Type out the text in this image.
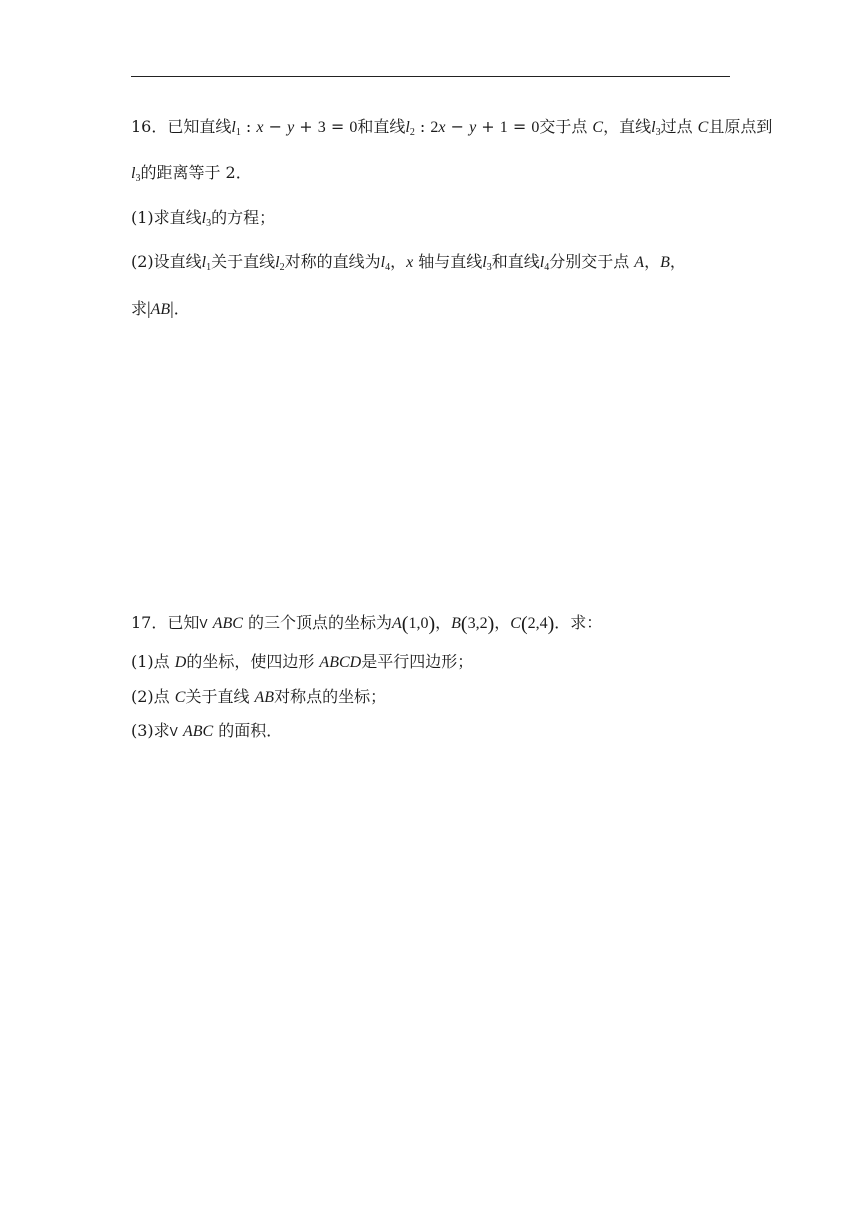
16．已知直线$l_1$ : x − y + 3 = 0和直线$l_2$ : 2x − y + 1 = 0交于点 C，直线$l_3$过点 C且原点到
$l_3$的距离等于 2．
(1)求直线$l_3$的方程；
(2)设直线$l_1$关于直线$l_2$对称的直线为$l_4$，x 轴与直线$l_3$和直线$l_4$分别交于点 A，B，
求|AB|．
17．已知V ABC 的三个顶点的坐标为A(1,0)，B(3,2)，C(2,4)．求：
(1)点 D的坐标，使四边形 ABCD是平行四边形；
(2)点 C关于直线 AB对称点的坐标；
(3)求V ABC 的面积．
